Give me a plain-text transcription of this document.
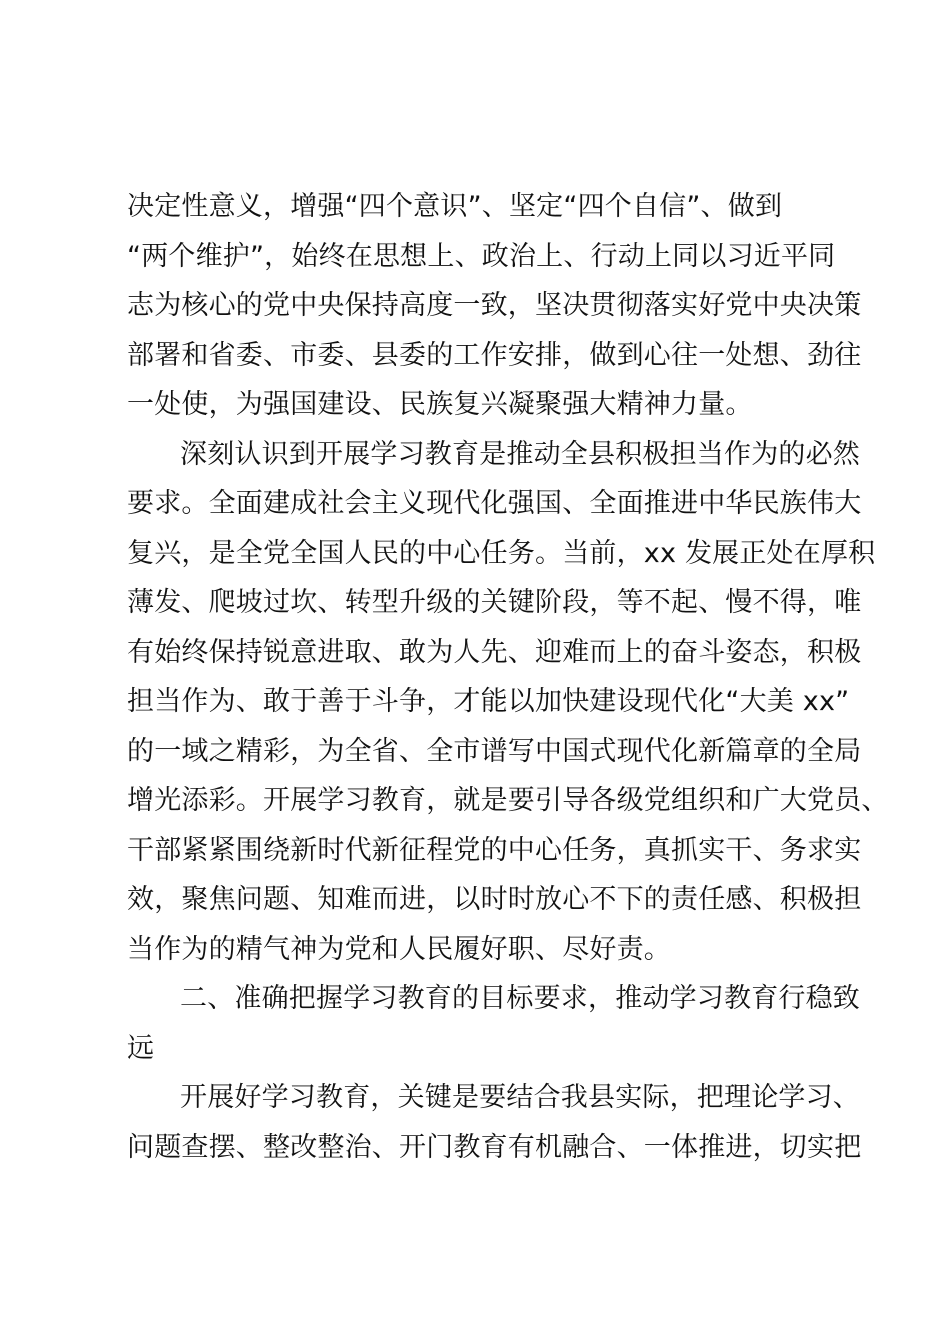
决定性意义，增强“四个意识”、坚定“四个自信”、做到
“两个维护”，始终在思想上、政治上、行动上同以习近平同
志为核心的党中央保持高度一致，坚决贯彻落实好党中央决策
部署和省委、市委、县委的工作安排，做到心往一处想、劲往
一处使，为强国建设、民族复兴凝聚强大精神力量。
深刻认识到开展学习教育是推动全县积极担当作为的必然
要求。全面建成社会主义现代化强国、全面推进中华民族伟大
复兴，是全党全国人民的中心任务。当前，xx 发展正处在厚积
薄发、爬坡过坎、转型升级的关键阶段，等不起、慢不得，唯
有始终保持锐意进取、敢为人先、迎难而上的奋斗姿态，积极
担当作为、敢于善于斗争，才能以加快建设现代化“大美 xx”
的一域之精彩，为全省、全市谱写中国式现代化新篇章的全局
增光添彩。开展学习教育，就是要引导各级党组织和广大党员、
干部紧紧围绕新时代新征程党的中心任务，真抓实干、务求实
效，聚焦问题、知难而进，以时时放心不下的责任感、积极担
当作为的精气神为党和人民履好职、尽好责。
二、准确把握学习教育的目标要求，推动学习教育行稳致
远
开展好学习教育，关键是要结合我县实际，把理论学习、
问题查摆、整改整治、开门教育有机融合、一体推进，切实把
